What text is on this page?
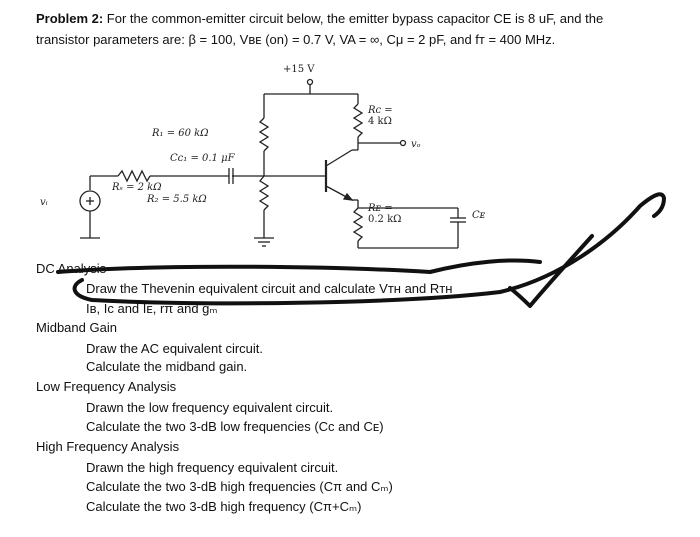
Problem 2: For the common-emitter circuit below, the emitter bypass capacitor CE is 8 uF, and the
transistor parameters are: β = 100, Vʙᴇ (on) = 0.7 V, VA = ∞, Cμ = 2 pF, and fᴛ = 400 MHz.
+15 V
R₁ = 60 kΩ
Cᴄ₁ = 0.1 μF
Rₛ = 2 kΩ
R₂ = 5.5 kΩ
Rᴄ =
4 kΩ
vₒ
Rᴇ =
0.2 kΩ	Cᴇ
vᵢ
DC Analysis
Draw the Thevenin equivalent circuit and calculate Vᴛʜ and Rᴛʜ
Iʙ, Ic and Iᴇ, rπ and gₘ
Midband Gain
Draw the AC equivalent circuit.
Calculate the midband gain.
Low Frequency Analysis
Drawn the low frequency equivalent circuit.
Calculate the two 3-dB low frequencies (Cc and Cᴇ)
High Frequency Analysis
Drawn the high frequency equivalent circuit.
Calculate the two 3-dB high frequencies (Cπ and Cₘ)
Calculate the two 3-dB high frequency (Cπ+Cₘ)
